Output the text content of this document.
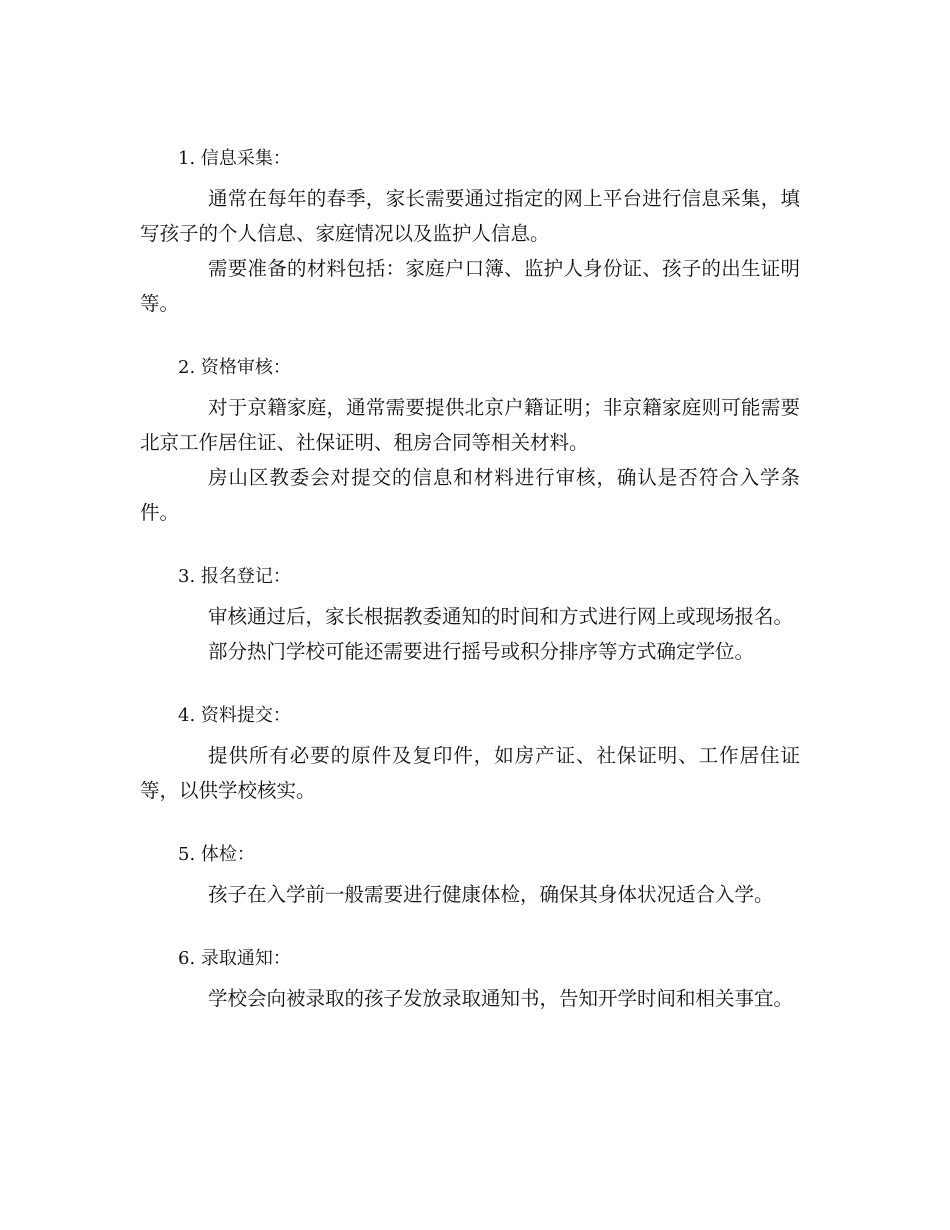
1. 信息采集：

通常在每年的春季，家长需要通过指定的网上平台进行信息采集，填写孩子的个人信息、家庭情况以及监护人信息。

需要准备的材料包括：家庭户口簿、监护人身份证、孩子的出生证明等。

2. 资格审核：

对于京籍家庭，通常需要提供北京户籍证明；非京籍家庭则可能需要北京工作居住证、社保证明、租房合同等相关材料。

房山区教委会对提交的信息和材料进行审核，确认是否符合入学条件。

3. 报名登记：

审核通过后，家长根据教委通知的时间和方式进行网上或现场报名。

部分热门学校可能还需要进行摇号或积分排序等方式确定学位。

4. 资料提交：

提供所有必要的原件及复印件，如房产证、社保证明、工作居住证等，以供学校核实。

5. 体检：

孩子在入学前一般需要进行健康体检，确保其身体状况适合入学。

6. 录取通知：

学校会向被录取的孩子发放录取通知书，告知开学时间和相关事宜。
